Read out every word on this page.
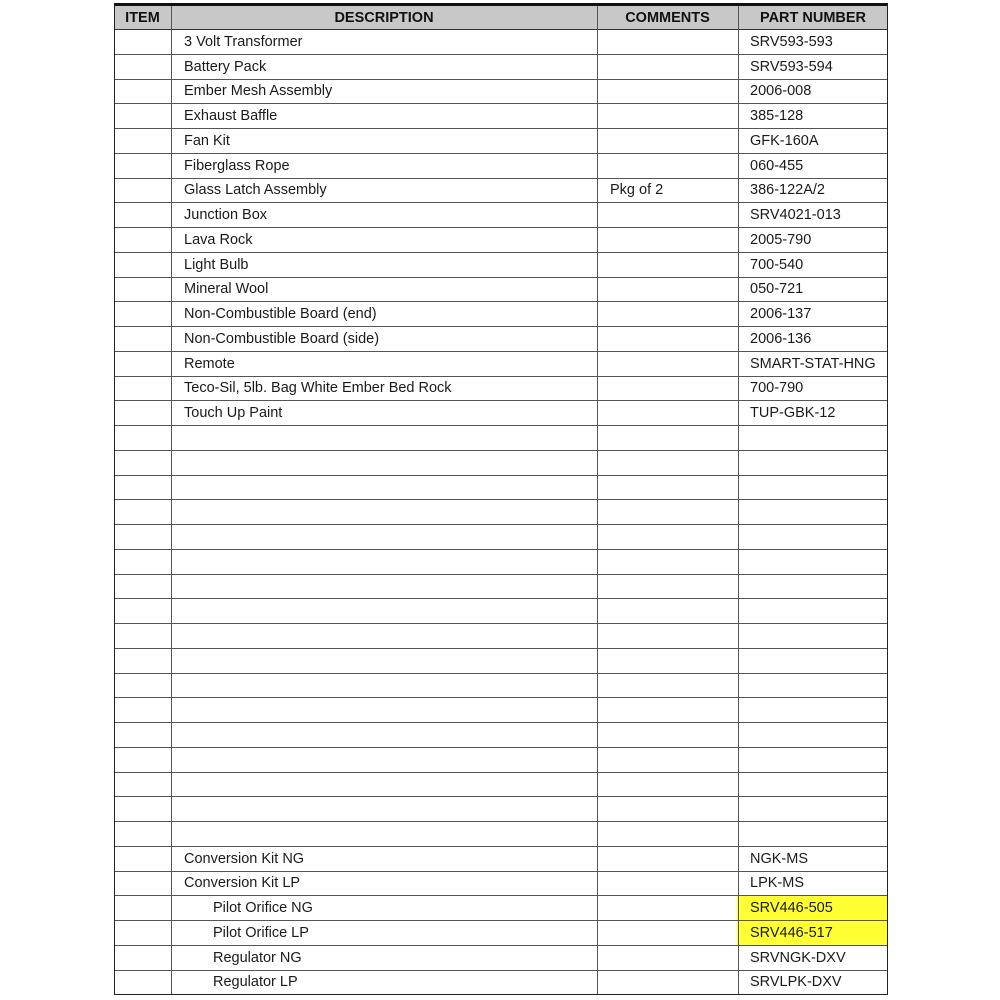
ITEM	DESCRIPTION	COMMENTS	PART NUMBER
3 Volt Transformer	SRV593-593
Battery Pack	SRV593-594
Ember Mesh Assembly	2006-008
Exhaust Baffle	385-128
Fan Kit	GFK-160A
Fiberglass Rope	060-455
Glass Latch Assembly	Pkg of 2	386-122A/2
Junction Box	SRV4021-013
Lava Rock	2005-790
Light Bulb	700-540
Mineral Wool	050-721
Non-Combustible Board (end)	2006-137
Non-Combustible Board (side)	2006-136
Remote	SMART-STAT-HNG
Teco-Sil, 5lb. Bag White Ember Bed Rock	700-790
Touch Up Paint	TUP-GBK-12
Conversion Kit NG	NGK-MS
Conversion Kit LP	LPK-MS
Pilot Orifice NG	SRV446-505
Pilot Orifice LP	SRV446-517
Regulator NG	SRVNGK-DXV
Regulator LP	SRVLPK-DXV
